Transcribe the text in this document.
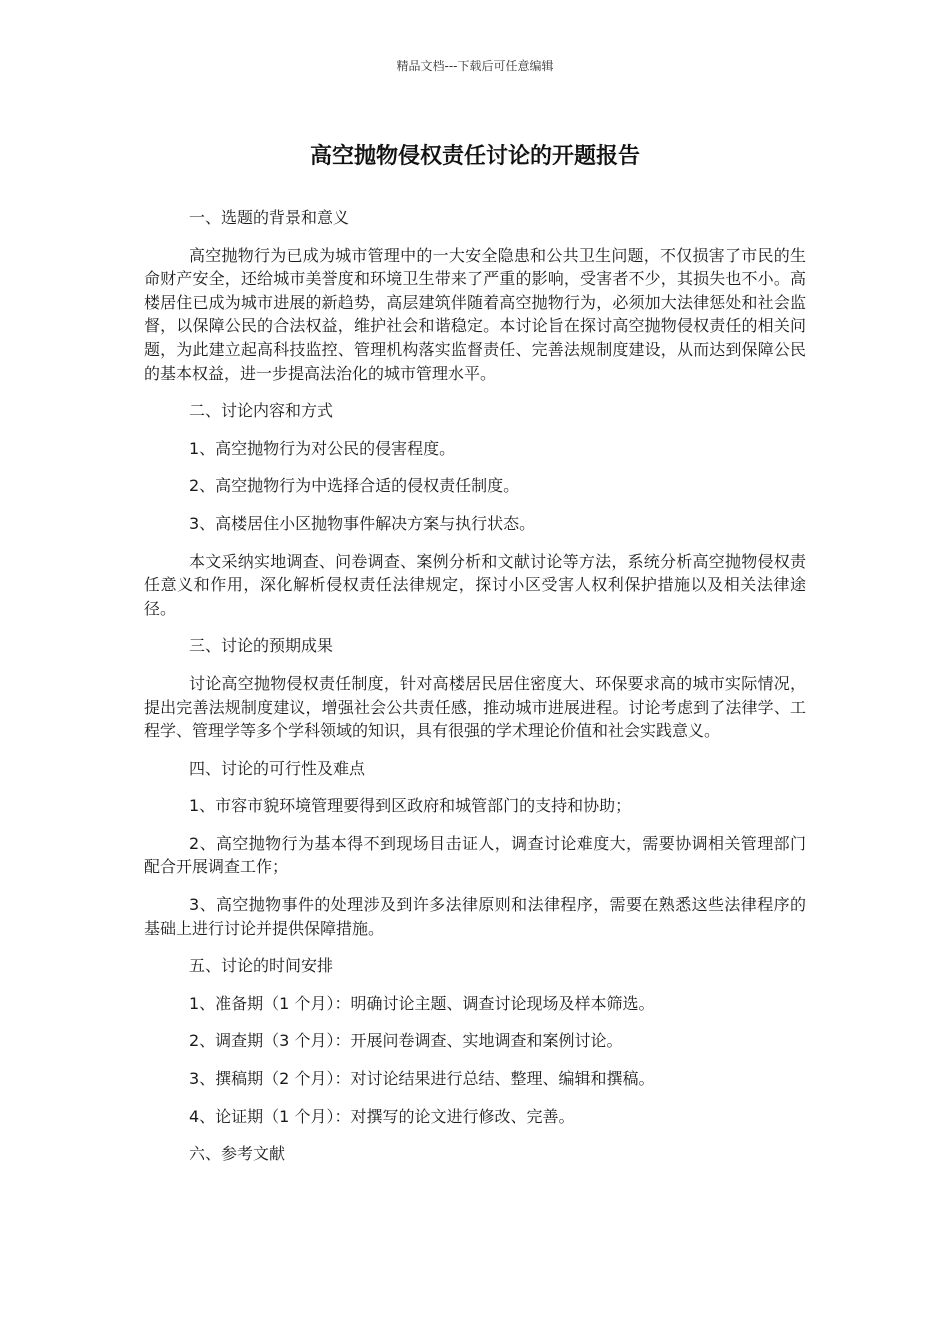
精品文档---下载后可任意编辑
高空抛物侵权责任讨论的开题报告

一、选题的背景和意义

高空抛物行为已成为城市管理中的一大安全隐患和公共卫生问题，不仅损害了市民的生命财产安全，还给城市美誉度和环境卫生带来了严重的影响，受害者不少，其损失也不小。高楼居住已成为城市进展的新趋势，高层建筑伴随着高空抛物行为，必须加大法律惩处和社会监督，以保障公民的合法权益，维护社会和谐稳定。本讨论旨在探讨高空抛物侵权责任的相关问题，为此建立起高科技监控、管理机构落实监督责任、完善法规制度建设，从而达到保障公民的基本权益，进一步提高法治化的城市管理水平。

二、讨论内容和方式

1、高空抛物行为对公民的侵害程度。

2、高空抛物行为中选择合适的侵权责任制度。

3、高楼居住小区抛物事件解决方案与执行状态。

本文采纳实地调查、问卷调查、案例分析和文献讨论等方法，系统分析高空抛物侵权责任意义和作用，深化解析侵权责任法律规定，探讨小区受害人权利保护措施以及相关法律途径。

三、讨论的预期成果

讨论高空抛物侵权责任制度，针对高楼居民居住密度大、环保要求高的城市实际情况，提出完善法规制度建议，增强社会公共责任感，推动城市进展进程。讨论考虑到了法律学、工程学、管理学等多个学科领域的知识，具有很强的学术理论价值和社会实践意义。

四、讨论的可行性及难点

1、市容市貌环境管理要得到区政府和城管部门的支持和协助；

2、高空抛物行为基本得不到现场目击证人，调查讨论难度大，需要协调相关管理部门配合开展调查工作；

3、高空抛物事件的处理涉及到许多法律原则和法律程序，需要在熟悉这些法律程序的基础上进行讨论并提供保障措施。

五、讨论的时间安排

1、准备期（1 个月）：明确讨论主题、调查讨论现场及样本筛选。

2、调查期（3 个月）：开展问卷调查、实地调查和案例讨论。

3、撰稿期（2 个月）：对讨论结果进行总结、整理、编辑和撰稿。

4、论证期（1 个月）：对撰写的论文进行修改、完善。

六、参考文献
